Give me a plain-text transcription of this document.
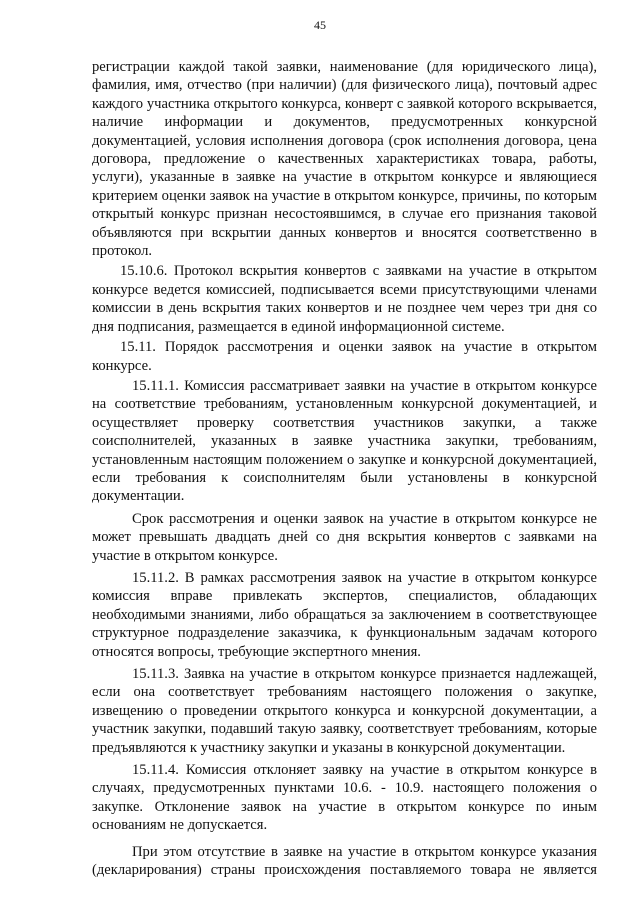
45

регистрации каждой такой заявки, наименование (для юридического лица), фамилия, имя, отчество (при наличии) (для физического лица), почтовый адрес каждого участника открытого конкурса, конверт с заявкой которого вскрывается, наличие информации и документов, предусмотренных конкурсной документацией, условия исполнения договора (срок исполнения договора, цена договора, предложение о качественных характеристиках товара, работы, услуги), указанные в заявке на участие в открытом конкурсе и являющиеся критерием оценки заявок на участие в открытом конкурсе, причины, по которым открытый конкурс признан несостоявшимся, в случае его признания таковой объявляются при вскрытии данных конвертов и вносятся соответственно в протокол.

15.10.6. Протокол вскрытия конвертов с заявками на участие в открытом конкурсе ведется комиссией, подписывается всеми присутствующими членами комиссии в день вскрытия таких конвертов и не позднее чем через три дня со дня подписания, размещается в единой информационной системе.

15.11. Порядок рассмотрения и оценки заявок на участие в открытом конкурсе.

15.11.1. Комиссия рассматривает заявки на участие в открытом конкурсе на соответствие требованиям, установленным конкурсной документацией, и осуществляет проверку соответствия участников закупки, а также соисполнителей, указанных в заявке участника закупки, требованиям, установленным настоящим положением о закупке и конкурсной документацией, если требования к соисполнителям были установлены в конкурсной документации.

Срок рассмотрения и оценки заявок на участие в открытом конкурсе не может превышать двадцать дней со дня вскрытия конвертов с заявками на участие в открытом конкурсе.

15.11.2. В рамках рассмотрения заявок на участие в открытом конкурсе комиссия вправе привлекать экспертов, специалистов, обладающих необходимыми знаниями, либо обращаться за заключением в соответствующее структурное подразделение заказчика, к функциональным задачам которого относятся вопросы, требующие экспертного мнения.

15.11.3. Заявка на участие в открытом конкурсе признается надлежащей, если она соответствует требованиям настоящего положения о закупке, извещению о проведении открытого конкурса и конкурсной документации, а участник закупки, подавший такую заявку, соответствует требованиям, которые предъявляются к участнику закупки и указаны в конкурсной документации.

15.11.4. Комиссия отклоняет заявку на участие в открытом конкурсе в случаях, предусмотренных пунктами 10.6. - 10.9. настоящего положения о закупке. Отклонение заявок на участие в открытом конкурсе по иным основаниям не допускается.

При этом отсутствие в заявке на участие в открытом конкурсе указания (декларирования) страны происхождения поставляемого товара не является
